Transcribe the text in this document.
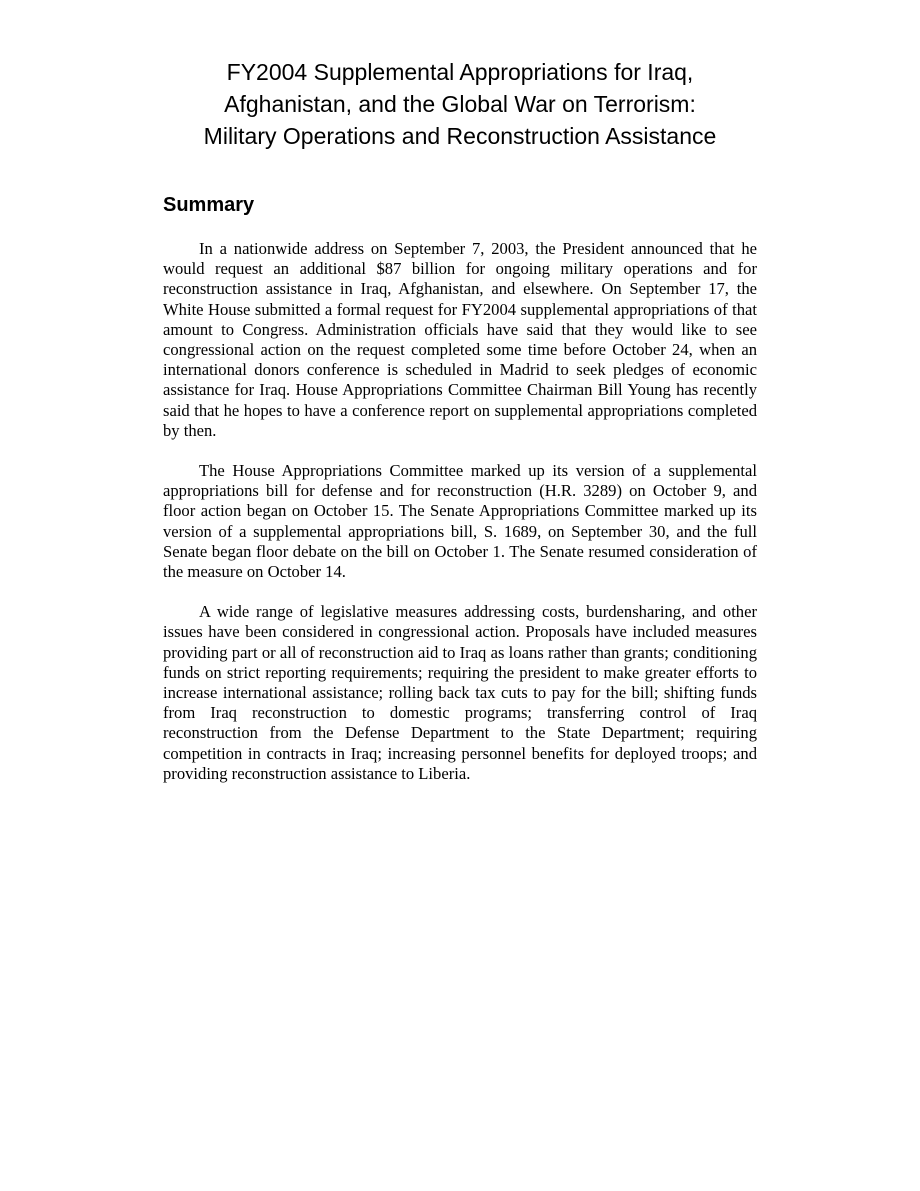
FY2004 Supplemental Appropriations for Iraq,
Afghanistan, and the Global War on Terrorism:
Military Operations and Reconstruction Assistance
Summary

In a nationwide address on September 7, 2003, the President announced that he would request an additional $87 billion for ongoing military operations and for reconstruction assistance in Iraq, Afghanistan, and elsewhere. On September 17, the White House submitted a formal request for FY2004 supplemental appropriations of that amount to Congress. Administration officials have said that they would like to see congressional action on the request completed some time before October 24, when an international donors conference is scheduled in Madrid to seek pledges of economic assistance for Iraq. House Appropriations Committee Chairman Bill Young has recently said that he hopes to have a conference report on supplemental appropriations completed by then.

The House Appropriations Committee marked up its version of a supplemental appropriations bill for defense and for reconstruction (H.R. 3289) on October 9, and floor action began on October 15. The Senate Appropriations Committee marked up its version of a supplemental appropriations bill, S. 1689, on September 30, and the full Senate began floor debate on the bill on October 1. The Senate resumed consideration of the measure on October 14.

A wide range of legislative measures addressing costs, burdensharing, and other issues have been considered in congressional action. Proposals have included measures providing part or all of reconstruction aid to Iraq as loans rather than grants; conditioning funds on strict reporting requirements; requiring the president to make greater efforts to increase international assistance; rolling back tax cuts to pay for the bill; shifting funds from Iraq reconstruction to domestic programs; transferring control of Iraq reconstruction from the Defense Department to the State Department; requiring competition in contracts in Iraq; increasing personnel benefits for deployed troops; and providing reconstruction assistance to Liberia.
